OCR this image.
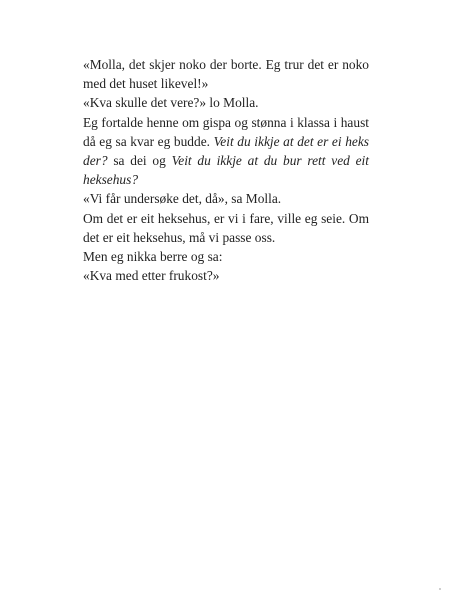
«Molla, det skjer noko der borte. Eg trur det er noko med det huset likevel!»

«Kva skulle det vere?» lo Molla.

Eg fortalde henne om gispa og stønna i klassa i haust då eg sa kvar eg budde. Veit du ikkje at det er ei heks der? sa dei og Veit du ikkje at du bur rett ved eit heksehus?

«Vi får undersøke det, då», sa Molla.

Om det er eit heksehus, er vi i fare, ville eg seie. Om det er eit heksehus, må vi passe oss.

Men eg nikka berre og sa:

«Kva med etter frukost?»
